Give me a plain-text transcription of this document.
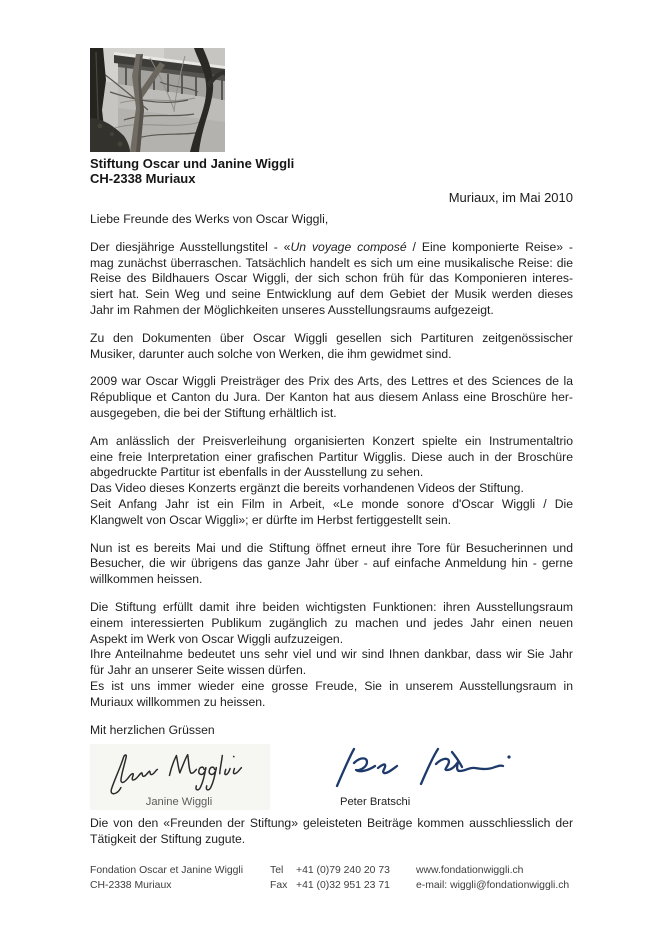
Stiftung Oscar und Janine Wiggli
CH-2338 Muriaux
Muriaux, im Mai 2010
Liebe Freunde des Werks von Oscar Wiggli,
Der diesjährige Ausstellungstitel - «Un voyage composé / Eine komponierte Reise» -
mag zunächst überraschen. Tatsächlich handelt es sich um eine musikalische Reise: die
Reise des Bildhauers Oscar Wiggli, der sich schon früh für das Komponieren interes-
siert hat. Sein Weg und seine Entwicklung auf dem Gebiet der Musik werden dieses
Jahr im Rahmen der Möglichkeiten unseres Ausstellungsraums aufgezeigt.
Zu den Dokumenten über Oscar Wiggli gesellen sich Partituren zeitgenössischer
Musiker, darunter auch solche von Werken, die ihm gewidmet sind.
2009 war Oscar Wiggli Preisträger des Prix des Arts, des Lettres et des Sciences de la
République et Canton du Jura. Der Kanton hat aus diesem Anlass eine Broschüre her-
ausgegeben, die bei der Stiftung erhältlich ist.
Am anlässlich der Preisverleihung organisierten Konzert spielte ein Instrumentaltrio
eine freie Interpretation einer grafischen Partitur Wigglis. Diese auch in der Broschüre
abgedruckte Partitur ist ebenfalls in der Ausstellung zu sehen.
Das Video dieses Konzerts ergänzt die bereits vorhandenen Videos der Stiftung.
Seit Anfang Jahr ist ein Film in Arbeit, «Le monde sonore d'Oscar Wiggli / Die
Klangwelt von Oscar Wiggli»; er dürfte im Herbst fertiggestellt sein.
Nun ist es bereits Mai und die Stiftung öffnet erneut ihre Tore für Besucherinnen und
Besucher, die wir übrigens das ganze Jahr über - auf einfache Anmeldung hin - gerne
willkommen heissen.
Die Stiftung erfüllt damit ihre beiden wichtigsten Funktionen: ihren Ausstellungsraum
einem interessierten Publikum zugänglich zu machen und jedes Jahr einen neuen
Aspekt im Werk von Oscar Wiggli aufzuzeigen.
Ihre Anteilnahme bedeutet uns sehr viel und wir sind Ihnen dankbar, dass wir Sie Jahr
für Jahr an unserer Seite wissen dürfen.
Es ist uns immer wieder eine grosse Freude, Sie in unserem Ausstellungsraum in
Muriaux willkommen zu heissen.
Mit herzlichen Grüssen
Janine Wiggli	Peter Bratschi
Die von den «Freunden der Stiftung» geleisteten Beiträge kommen ausschliesslich der
Tätigkeit der Stiftung zugute.
Fondation Oscar et Janine Wiggli
CH-2338 Muriaux
Tel +41 (0)79 240 20 73
Fax +41 (0)32 951 23 71
www.fondationwiggli.ch
e-mail: wiggli@fondationwiggli.ch
